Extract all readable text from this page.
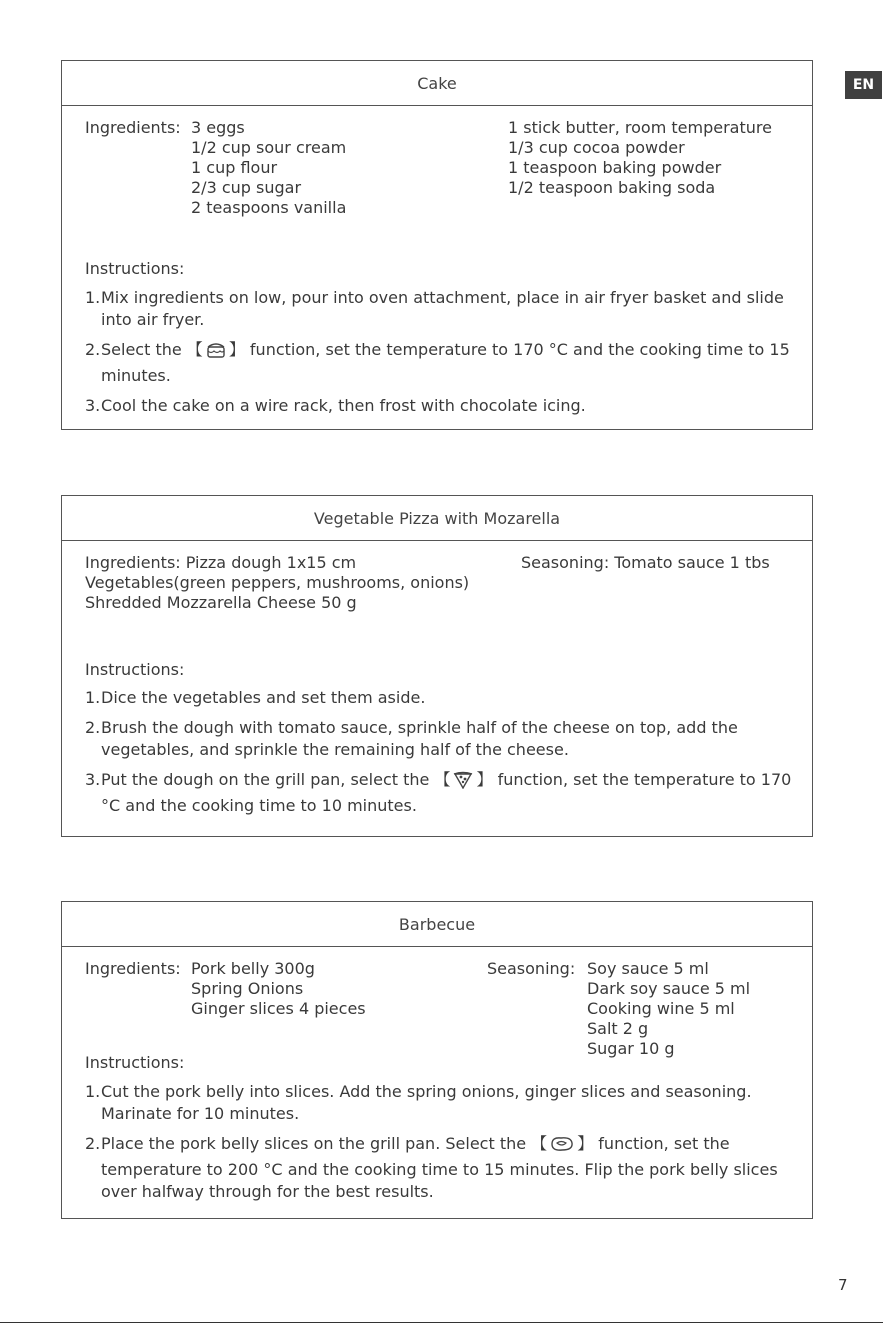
EN
Cake
Ingredients: 3 eggs
1/2 cup sour cream
1 cup flour
2/3 cup sugar
2 teaspoons vanilla
1 stick butter, room temperature
1/3 cup cocoa powder
1 teaspoon baking powder
1/2 teaspoon baking soda
Instructions:
1. Mix ingredients on low, pour into oven attachment, place in air fryer basket and slide into air fryer.
2. Select the 【 】 function, set the temperature to 170 °C and the cooking time to 15 minutes.
3. Cool the cake on a wire rack, then frost with chocolate icing.
Vegetable Pizza with Mozarella
Ingredients: Pizza dough 1x15 cm
Vegetables(green peppers, mushrooms, onions)
Shredded Mozzarella Cheese 50 g
Seasoning: Tomato sauce 1 tbs
Instructions:
1. Dice the vegetables and set them aside.
2. Brush the dough with tomato sauce, sprinkle half of the cheese on top, add the vegetables, and sprinkle the remaining half of the cheese.
3. Put the dough on the grill pan, select the 【 】 function, set the temperature to 170 °C and the cooking time to 10 minutes.
Barbecue
Ingredients: Pork belly 300g
Spring Onions
Ginger slices 4 pieces
Seasoning: Soy sauce 5 ml
Dark soy sauce 5 ml
Cooking wine 5 ml
Salt 2 g
Sugar 10 g
Instructions:
1. Cut the pork belly into slices. Add the spring onions, ginger slices and seasoning. Marinate for 10 minutes.
2. Place the pork belly slices on the grill pan. Select the 【 】 function, set the temperature to 200 °C and the cooking time to 15 minutes. Flip the pork belly slices over halfway through for the best results.
7
